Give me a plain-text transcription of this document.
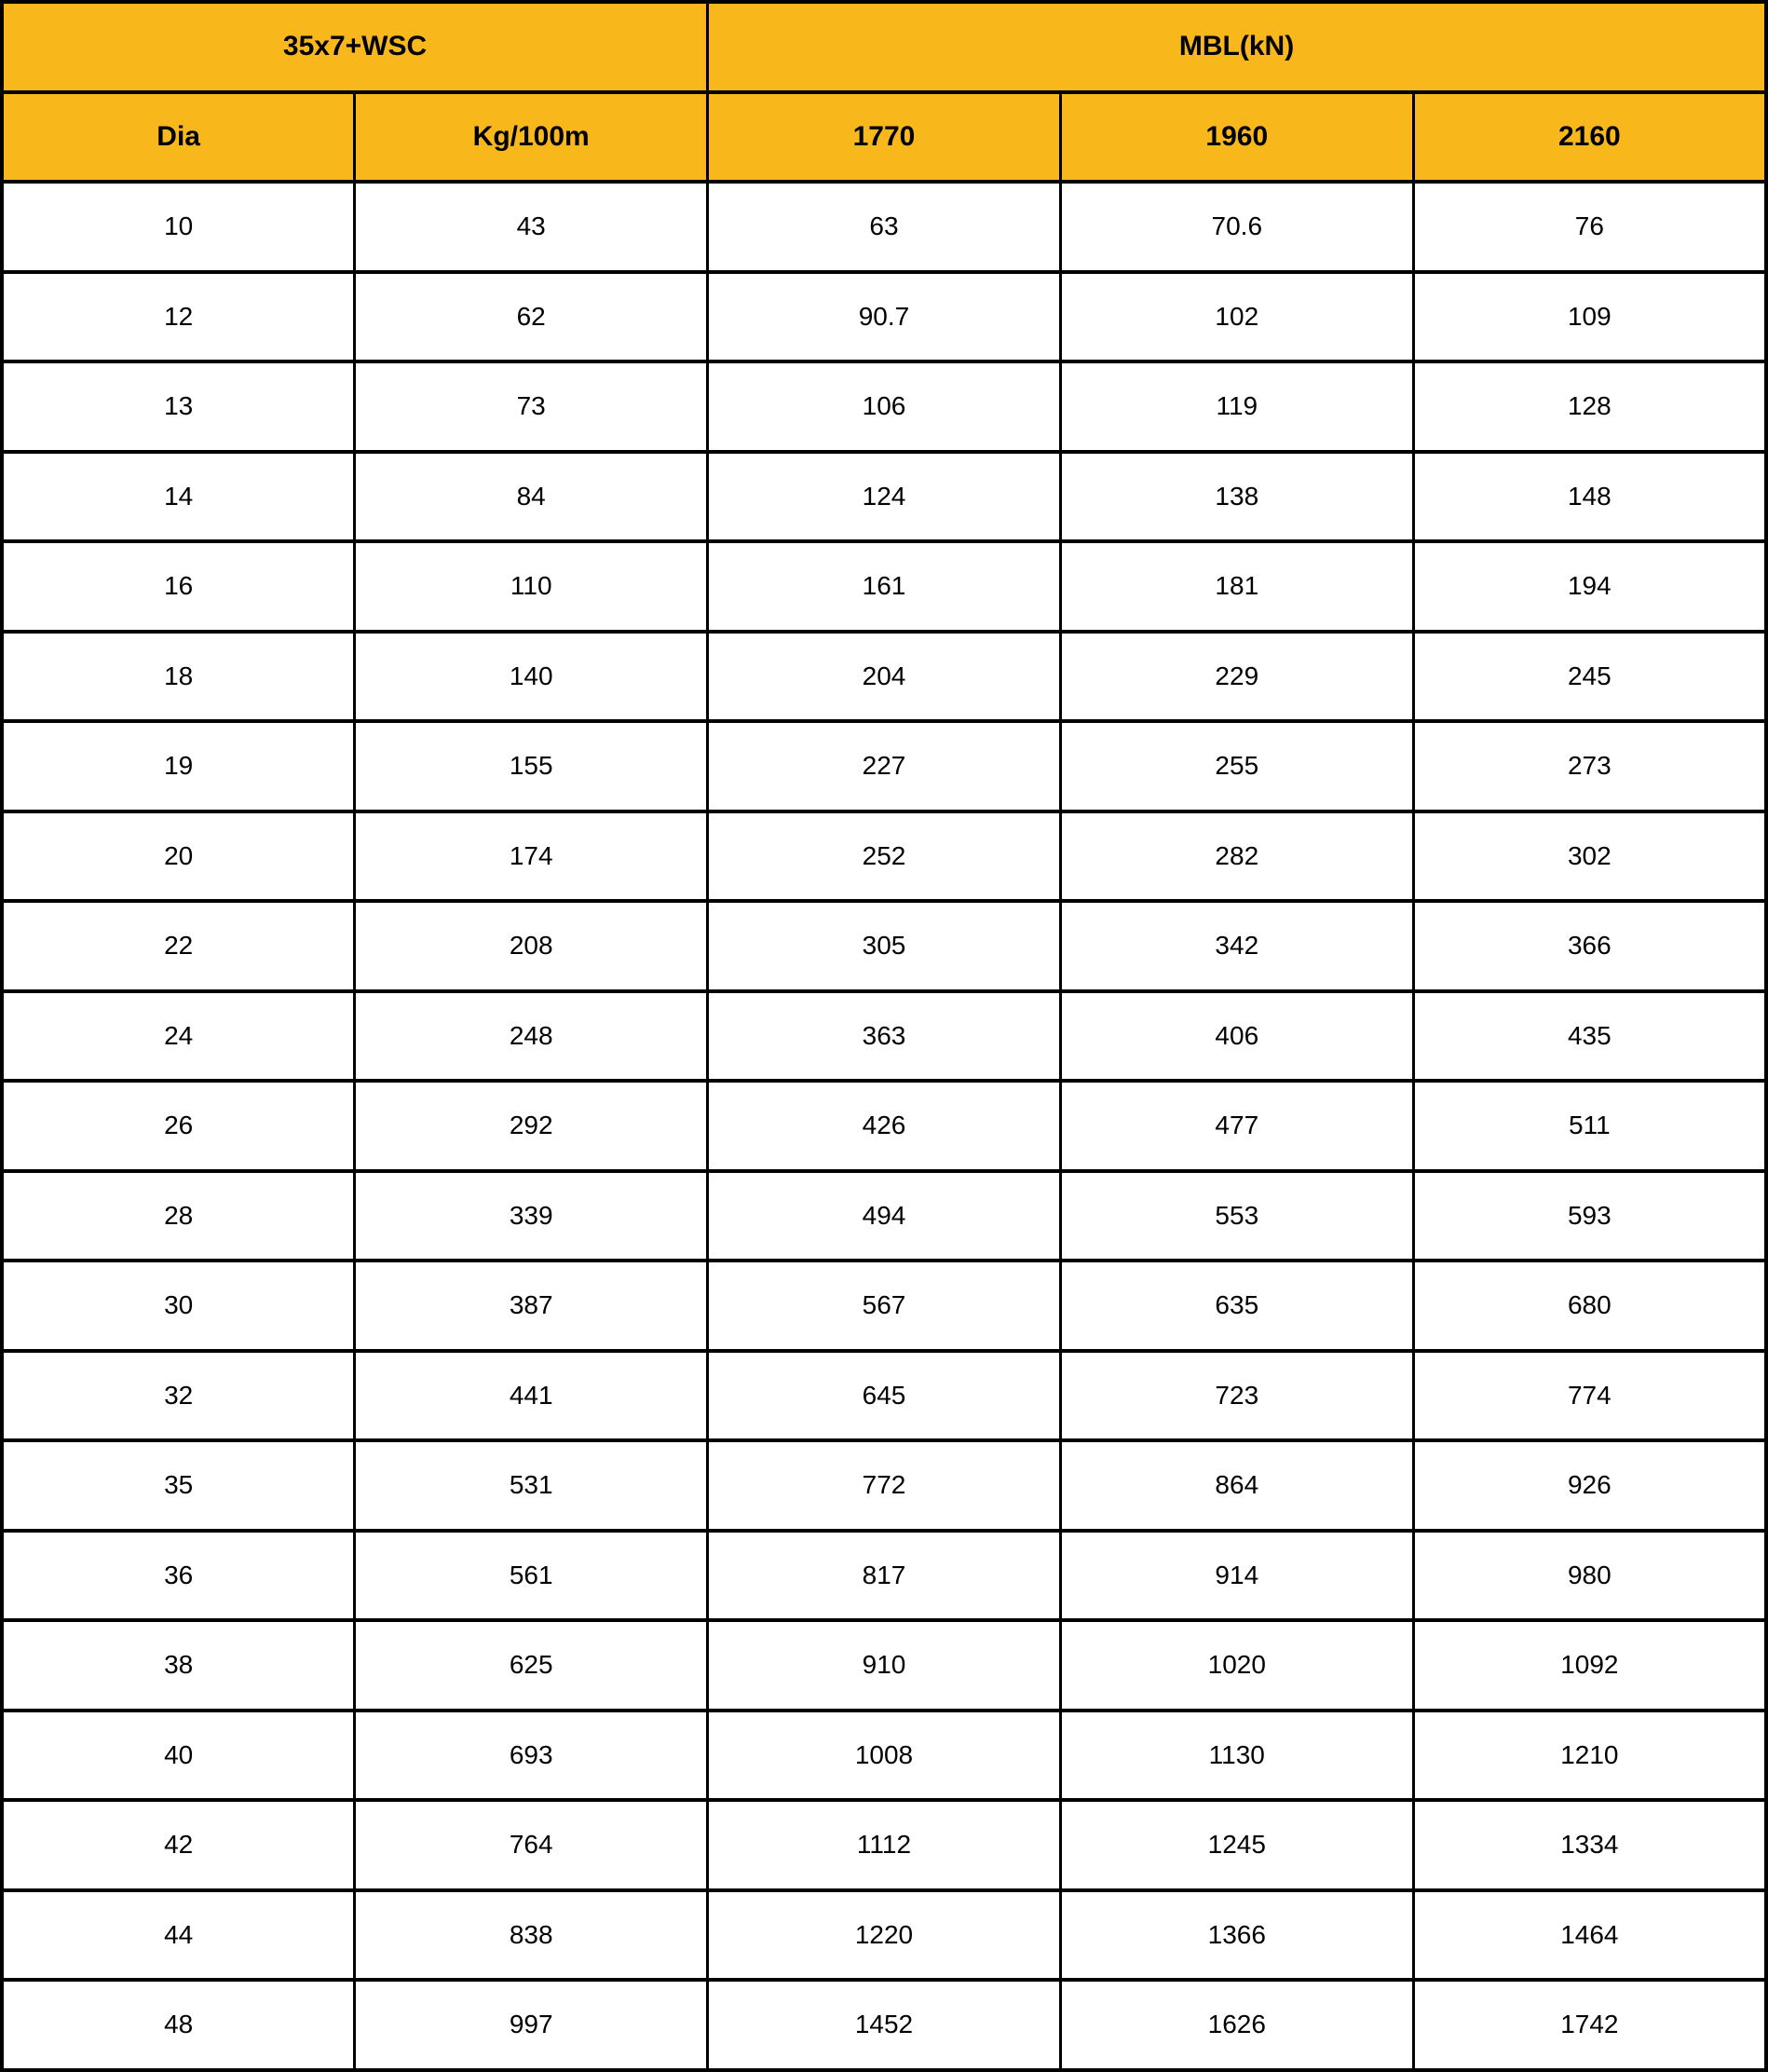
35x7+WSC		MBL(kN)		
Dia	Kg/100m	1770	1960	2160
10	43	63	70.6	76
12	62	90.7	102	109
13	73	106	119	128
14	84	124	138	148
16	110	161	181	194
18	140	204	229	245
19	155	227	255	273
20	174	252	282	302
22	208	305	342	366
24	248	363	406	435
26	292	426	477	511
28	339	494	553	593
30	387	567	635	680
32	441	645	723	774
35	531	772	864	926
36	561	817	914	980
38	625	910	1020	1092
40	693	1008	1130	1210
42	764	1112	1245	1334
44	838	1220	1366	1464
48	997	1452	1626	1742
